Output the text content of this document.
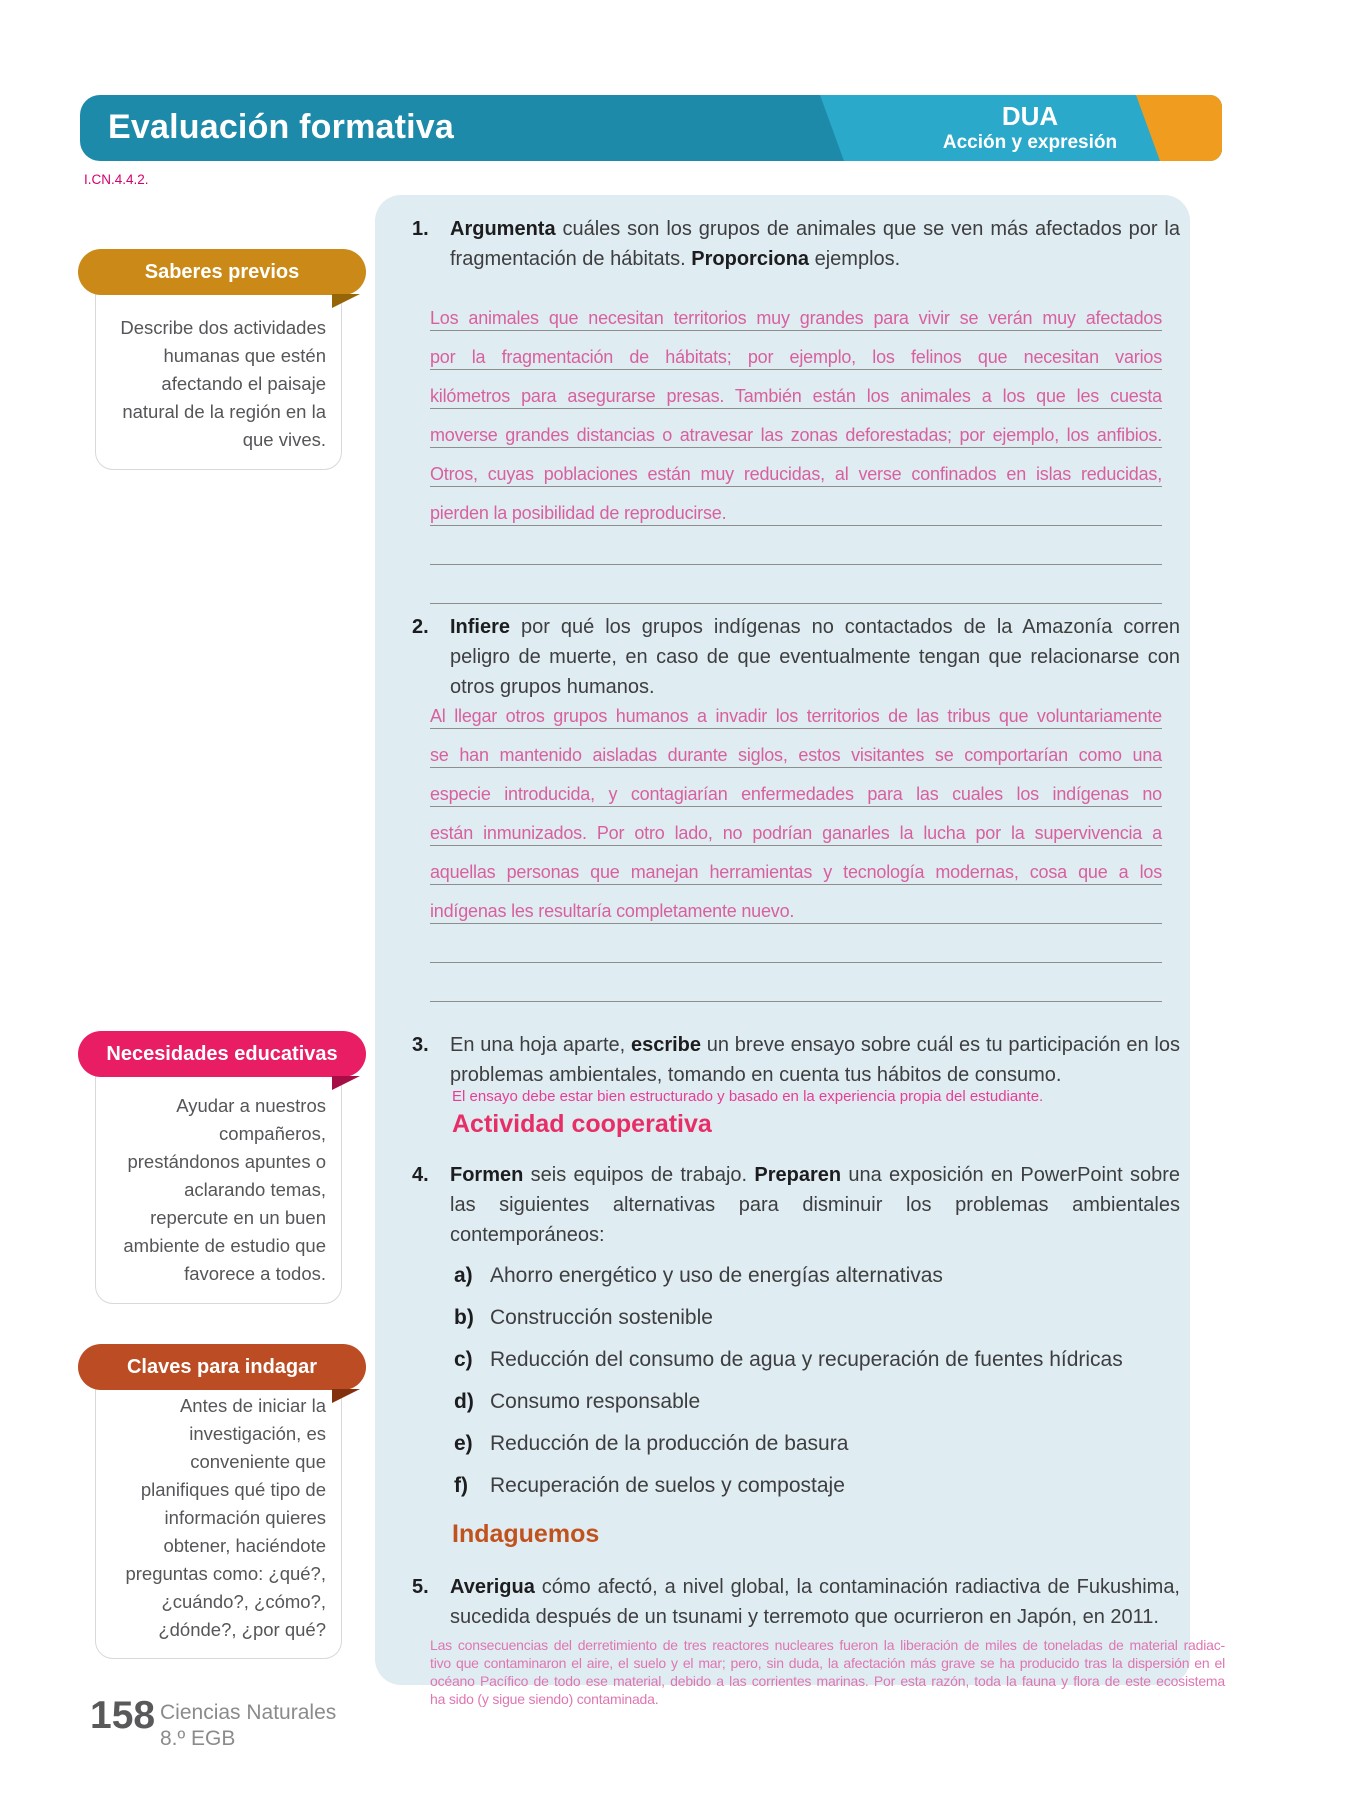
Evaluación formativa	DUA
Acción y expresión
I.CN.4.4.2.
Saberes previos
Necesidades educativas
Claves para indagar
Describe dos actividades
humanas que estén
afectando el paisaje
natural de la región en la
que vives.
Ayudar a nuestros
compañeros,
prestándonos apuntes o
aclarando temas,
repercute en un buen
ambiente de estudio que
favorece a todos.
Antes de iniciar la
investigación, es
conveniente que
planifiques qué tipo de
información quieres
obtener, haciéndote
preguntas como: ¿qué?,
¿cuándo?, ¿cómo?,
¿dónde?, ¿por qué?
1. Argumenta cuáles son los grupos de animales que se ven más afectados por la fragmentación de hábitats. Proporciona ejemplos.
Los animales que necesitan territorios muy grandes para vivir se verán muy afectados
por la fragmentación de hábitats; por ejemplo, los felinos que necesitan varios
kilómetros para asegurarse presas. También están los animales a los que les cuesta
moverse grandes distancias o atravesar las zonas deforestadas; por ejemplo, los anfibios.
Otros, cuyas poblaciones están muy reducidas, al verse confinados en islas reducidas,
pierden la posibilidad de reproducirse.
2. Infiere por qué los grupos indígenas no contactados de la Amazonía corren peligro de muerte, en caso de que eventualmente tengan que relacionarse con otros grupos humanos.
Al llegar otros grupos humanos a invadir los territorios de las tribus que voluntariamente
se han mantenido aisladas durante siglos, estos visitantes se comportarían como una
especie introducida, y contagiarían enfermedades para las cuales los indígenas no
están inmunizados. Por otro lado, no podrían ganarles la lucha por la supervivencia a
aquellas personas que manejan herramientas y tecnología modernas, cosa que a los
indígenas les resultaría completamente nuevo.
3. En una hoja aparte, escribe un breve ensayo sobre cuál es tu participación en los problemas ambientales, tomando en cuenta tus hábitos de consumo.
El ensayo debe estar bien estructurado y basado en la experiencia propia del estudiante.
Actividad cooperativa
4. Formen seis equipos de trabajo. Preparen una exposición en PowerPoint sobre las siguientes alternativas para disminuir los problemas ambientales contemporáneos:
a) Ahorro energético y uso de energías alternativas
b) Construcción sostenible
c) Reducción del consumo de agua y recuperación de fuentes hídricas
d) Consumo responsable
e) Reducción de la producción de basura
f) Recuperación de suelos y compostaje
Indaguemos
5. Averigua cómo afectó, a nivel global, la contaminación radiactiva de Fukushima, sucedida después de un tsunami y terremoto que ocurrieron en Japón, en 2011.
Las consecuencias del derretimiento de tres reactores nucleares fueron la liberación de miles de toneladas de material radiac-
tivo que contaminaron el aire, el suelo y el mar; pero, sin duda, la afectación más grave se ha producido tras la dispersión en el
océano Pacífico de todo ese material, debido a las corrientes marinas. Por esta razón, toda la fauna y flora de este ecosistema
ha sido (y sigue siendo) contaminada.
158 Ciencias Naturales
8.º EGB
